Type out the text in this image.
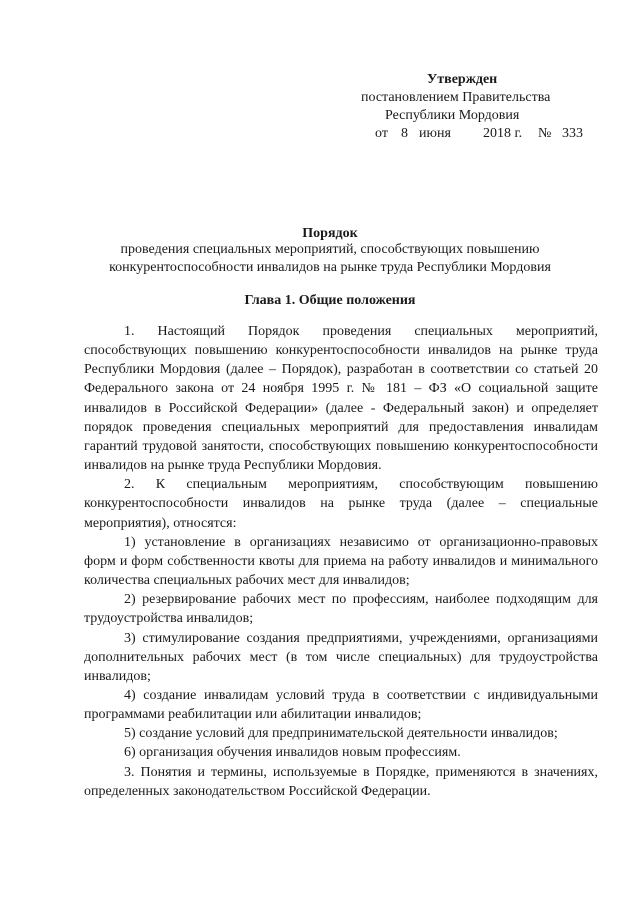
Утвержден
постановлением Правительства
Республики Мордовия
от 8 июня 2018 г. № 333
Порядок
проведения специальных мероприятий, способствующих повышению
конкурентоспособности инвалидов на рынке труда Республики Мордовия
Глава 1. Общие положения

1. Настоящий Порядок проведения специальных мероприятий, способствующих повышению конкурентоспособности инвалидов на рынке труда Республики Мордовия (далее – Порядок), разработан в соответствии со статьей 20 Федерального закона от 24 ноября 1995 г. № 181 – ФЗ «О социальной защите инвалидов в Российской Федерации» (далее - Федеральный закон) и определяет порядок проведения специальных мероприятий для предоставления инвалидам гарантий трудовой занятости, способствующих повышению конкурентоспособности инвалидов на рынке труда Республики Мордовия.

2. К специальным мероприятиям, способствующим повышению конкурентоспособности инвалидов на рынке труда (далее – специальные мероприятия), относятся:

1) установление в организациях независимо от организационно-правовых форм и форм собственности квоты для приема на работу инвалидов и минимального количества специальных рабочих мест для инвалидов;

2) резервирование рабочих мест по профессиям, наиболее подходящим для трудоустройства инвалидов;

3) стимулирование создания предприятиями, учреждениями, организациями дополнительных рабочих мест (в том числе специальных) для трудоустройства инвалидов;

4) создание инвалидам условий труда в соответствии с индивидуальными программами реабилитации или абилитации инвалидов;

5) создание условий для предпринимательской деятельности инвалидов;

6) организация обучения инвалидов новым профессиям.

3. Понятия и термины, используемые в Порядке, применяются в значениях, определенных законодательством Российской Федерации.
